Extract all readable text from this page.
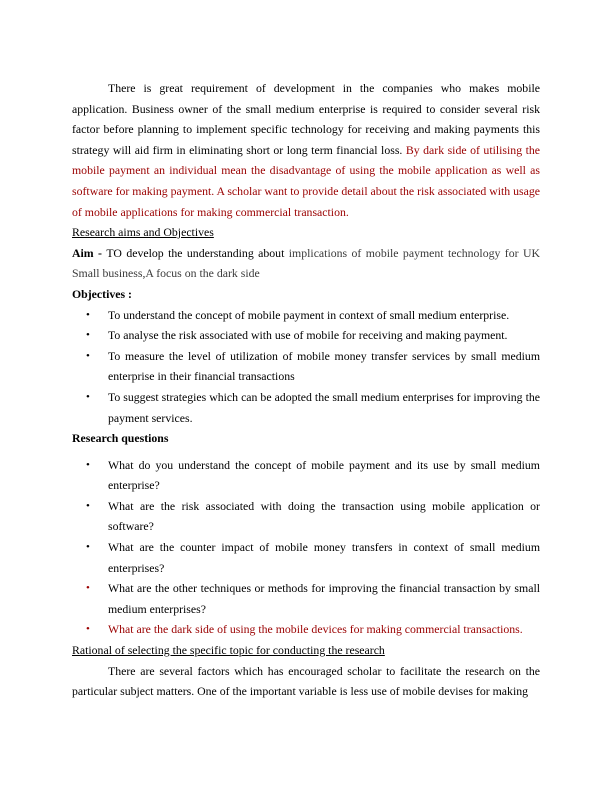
There is great requirement of development in the companies who makes mobile application. Business owner of the small medium enterprise is required to consider several risk factor before planning to implement specific technology for receiving and making payments this strategy will aid firm in eliminating short or long term financial loss. By dark side of utilising the mobile payment an individual mean the disadvantage of using the mobile application as well as software for making payment. A scholar want to provide detail about the risk associated with usage of mobile applications for making commercial transaction.

Research aims and Objectives

Aim - TO develop the understanding about implications of mobile payment technology for UK Small business,A focus on the dark side

Objectives :

• To understand the concept of mobile payment in context of small medium enterprise.
• To analyse the risk associated with use of mobile for receiving and making payment.
• To measure the level of utilization of mobile money transfer services by small medium enterprise in their financial transactions
• To suggest strategies which can be adopted the small medium enterprises for improving the payment services.

Research questions

• What do you understand the concept of mobile payment and its use by small medium enterprise?
• What are the risk associated with doing the transaction using mobile application or software?
• What are the counter impact of mobile money transfers in context of small medium enterprises?
• What are the other techniques or methods for improving the financial transaction by small medium enterprises?
• What are the dark side of using the mobile devices for making commercial transactions.

Rational of selecting the specific topic for conducting the research

There are several factors which has encouraged scholar to facilitate the research on the particular subject matters. One of the important variable is less use of mobile devises for making
